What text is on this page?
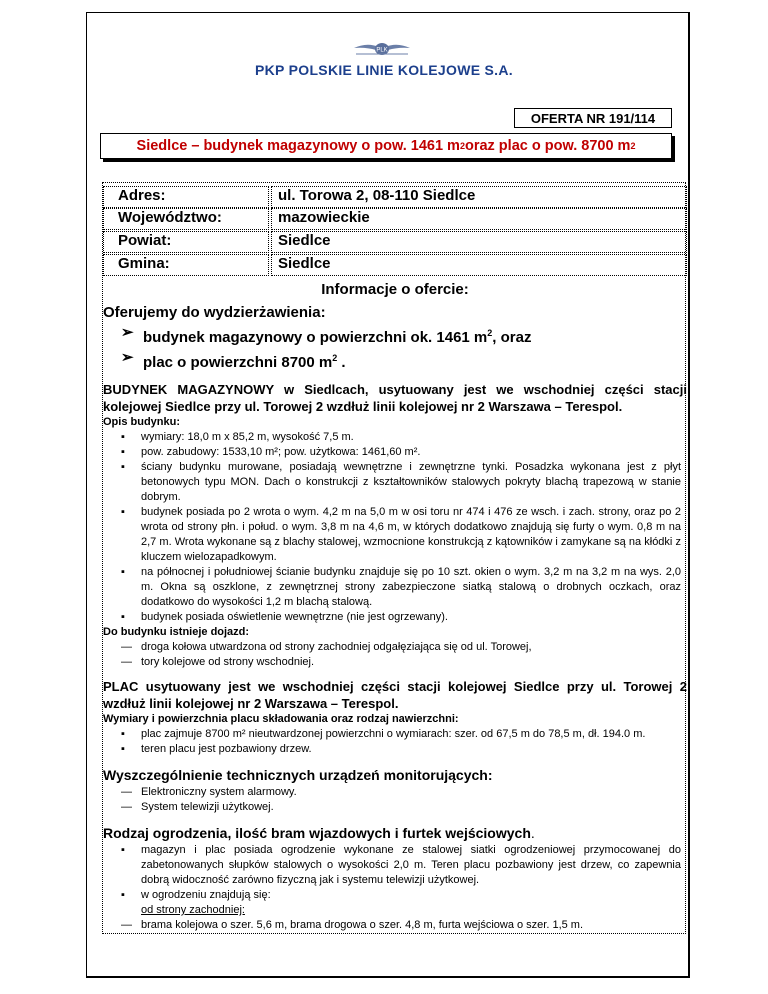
PLK
PKP POLSKIE LINIE KOLEJOWE S.A.
OFERTA NR 191/114
Siedlce – budynek magazynowy o pow. 1461 m 2 oraz plac o pow. 8700 m 2
Adres:	ul. Torowa 2, 08-110 Siedlce
Województwo:	mazowieckie
Powiat:	Siedlce
Gmina:	Siedlce
Informacje o ofercie:
Oferujemy do wydzierżawienia:
➢ budynek magazynowy o powierzchni ok. 1461 $m^2$, oraz
➢ plac o powierzchni 8700 $m^2$ .
BUDYNEK MAGAZYNOWY w Siedlcach, usytuowany jest we wschodniej części stacji kolejowej Siedlce przy ul. Torowej 2 wzdłuż linii kolejowej nr 2 Warszawa – Terespol.
Opis budynku:
▪ wymiary: 18,0 m x 85,2 m, wysokość 7,5 m.
▪ pow. zabudowy: 1533,10 m²; pow. użytkowa: 1461,60 m².
▪ ściany budynku murowane, posiadają wewnętrzne i zewnętrzne tynki. Posadzka wykonana jest z płyt betonowych typu MON. Dach o konstrukcji z kształtowników stalowych pokryty blachą trapezową w stanie dobrym.
▪ budynek posiada po 2 wrota o wym. 4,2 m na 5,0 m w osi toru nr 474 i 476 ze wsch. i zach. strony, oraz po 2 wrota od strony płn. i połud. o wym. 3,8 m na 4,6 m, w których dodatkowo znajdują się furty o wym. 0,8 m na 2,7 m. Wrota wykonane są z blachy stalowej, wzmocnione konstrukcją z kątowników i zamykane są na kłódki z kluczem wielozapadkowym.
▪ na północnej i południowej ścianie budynku znajduje się po 10 szt. okien o wym. 3,2 m na 3,2 m na wys. 2,0 m. Okna są oszklone, z zewnętrznej strony zabezpieczone siatką stalową o drobnych oczkach, oraz dodatkowo do wysokości 1,2 m blachą stalową.
▪ budynek posiada oświetlenie wewnętrzne (nie jest ogrzewany).
Do budynku istnieje dojazd:
— droga kołowa utwardzona od strony zachodniej odgałęziająca się od ul. Torowej,
— tory kolejowe od strony wschodniej.
PLAC usytuowany jest we wschodniej części stacji kolejowej Siedlce przy ul. Torowej 2 wzdłuż linii kolejowej nr 2 Warszawa – Terespol.
Wymiary i powierzchnia placu składowania oraz rodzaj nawierzchni:
▪ plac zajmuje 8700 m² nieutwardzonej powierzchni o wymiarach: szer. od 67,5 m do 78,5 m, dł. 194.0 m.
▪ teren placu jest pozbawiony drzew.
Wyszczególnienie technicznych urządzeń monitorujących:
— Elektroniczny system alarmowy.
— System telewizji użytkowej.
Rodzaj ogrodzenia, ilość bram wjazdowych i furtek wejściowych.
▪ magazyn i plac posiada ogrodzenie wykonane ze stalowej siatki ogrodzeniowej przymocowanej do zabetonowanych słupków stalowych o wysokości 2,0 m. Teren placu pozbawiony jest drzew, co zapewnia dobrą widoczność zarówno fizyczną jak i systemu telewizji użytkowej.
▪ w ogrodzeniu znajdują się:
od strony zachodniej:
— brama kolejowa o szer. 5,6 m, brama drogowa o szer. 4,8 m, furta wejściowa o szer. 1,5 m.
